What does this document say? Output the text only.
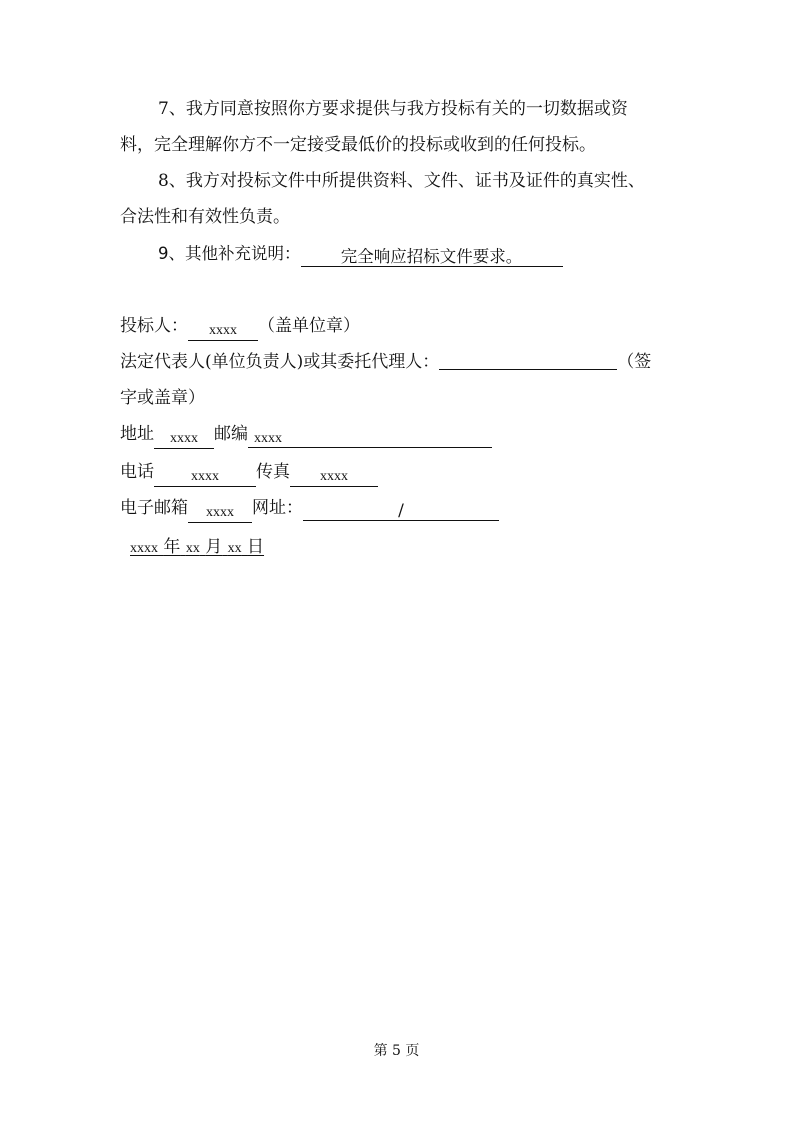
7、我方同意按照你方要求提供与我方投标有关的一切数据或资
料，完全理解你方不一定接受最低价的投标或收到的任何投标。
8、我方对投标文件中所提供资料、文件、证书及证件的真实性、
合法性和有效性负责。
9、其他补充说明： 完全响应招标文件要求。
投标人： xxxx （盖单位章）
法定代表人(单位负责人)或其委托代理人：	（签
字或盖章）
地址 xxxx 邮编 xxxx
电话	xxxx 传真 xxxx
电子邮箱 xxxx 网址：	/
xxxx 年 xx 月 xx 日
第 5 页
